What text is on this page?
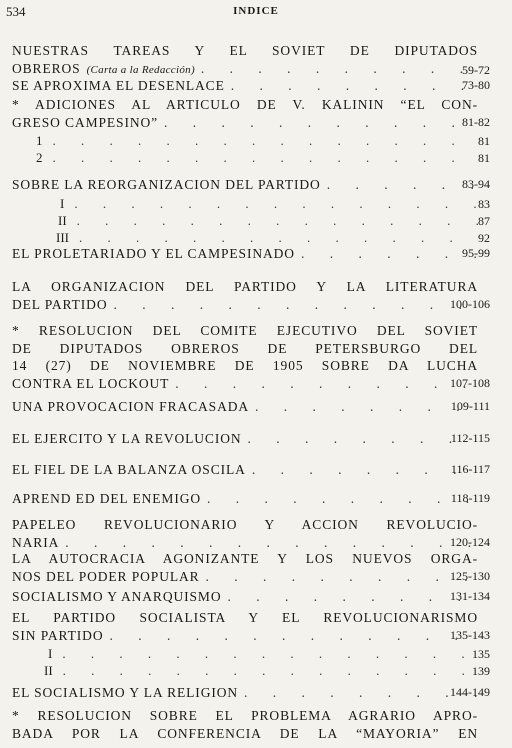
534	INDICE
NUESTRAS TAREAS Y EL SOVIET DE DIPUTADOS
OBREROS (Carta a la Redacción) . . .	59-72
SE APROXIMA EL DESENLACE . . .	73-80
* ADICIONES AL ARTICULO DE V. KALININ “EL CON-
GRESO CAMPESINO” . . .	81-82
1 . . .	81
2 . . .	81
SOBRE LA REORGANIZACION DEL PARTIDO . . .	83-94
I . . .	83
II . . .	87
III . . .	92
EL PROLETARIADO Y EL CAMPESINADO . . .	95-99
LA ORGANIZACION DEL PARTIDO Y LA LITERATURA
DEL PARTIDO . . .	100-106
* RESOLUCION DEL COMITE EJECUTIVO DEL SOVIET
DE DIPUTADOS OBREROS DE PETERSBURGO DEL
14 (27) DE NOVIEMBRE DE 1905 SOBRE DA LUCHA
CONTRA EL LOCKOUT . . .	107-108
UNA PROVOCACION FRACASADA . . .	109-111
EL EJERCITO Y LA REVOLUCION . . .	112-115
EL FIEL DE LA BALANZA OSCILA . . .	116-117
APREND ED DEL ENEMIGO . . .	118-119
PAPELEO REVOLUCIONARIO Y ACCION REVOLUCIO-
NARIA . . .	120-124
LA AUTOCRACIA AGONIZANTE Y LOS NUEVOS ORGA-
NOS DEL PODER POPULAR . . .	125-130
SOCIALISMO Y ANARQUISMO . . .	131-134
EL PARTIDO SOCIALISTA Y EL REVOLUCIONARISMO
SIN PARTIDO . . .	135-143
I . . .	135
II . . .	139
EL SOCIALISMO Y LA RELIGION . . .	144-149
* RESOLUCION SOBRE EL PROBLEMA AGRARIO APRO-
BADA POR LA CONFERENCIA DE LA “MAYORIA” EN
